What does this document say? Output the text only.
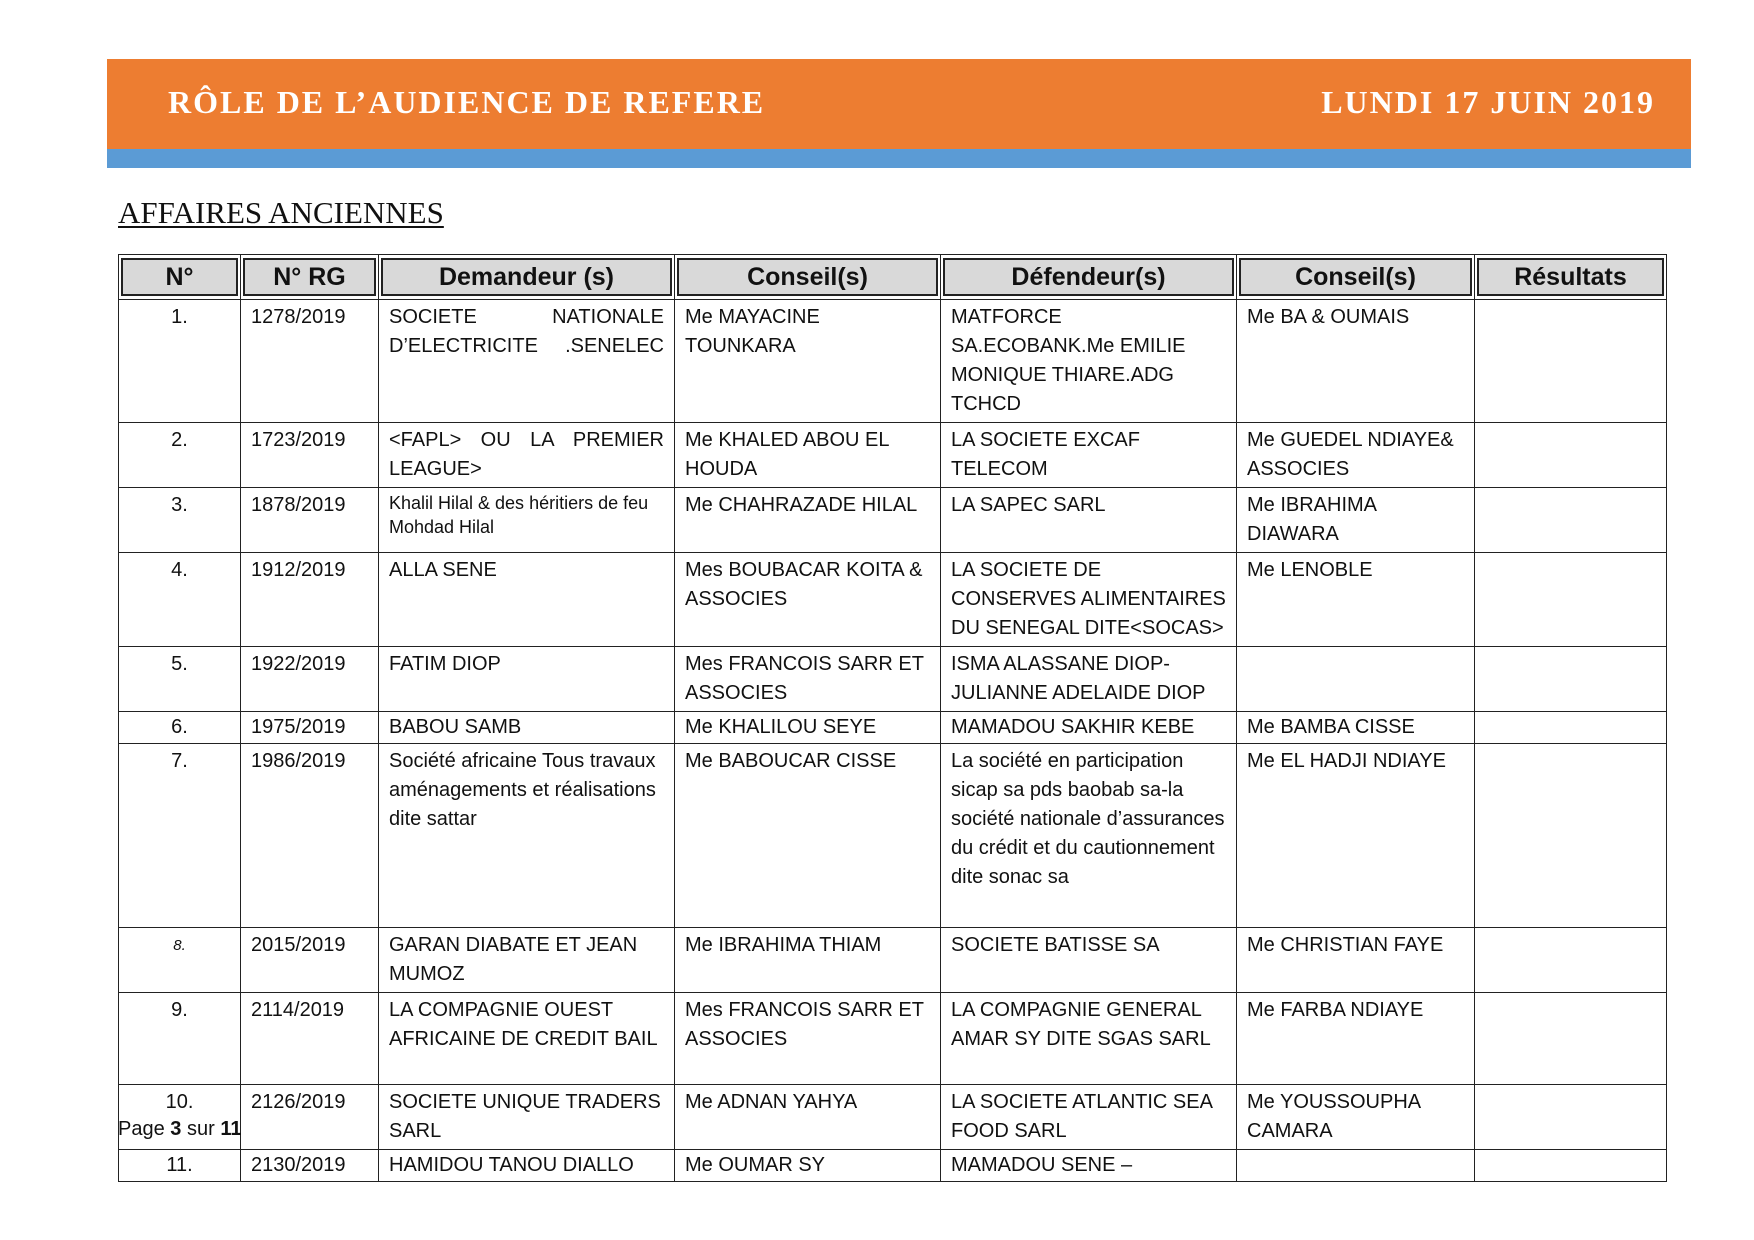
RÔLE DE L’AUDIENCE DE REFERE	LUNDI 17 JUIN 2019
AFFAIRES ANCIENNES
N°	N° RG	Demandeur (s)	Conseil(s)	Défendeur(s)	Conseil(s)	Résultats

1.	1278/2019	SOCIETE NATIONALE D’ELECTRICITE .SENELEC	Me MAYACINE TOUNKARA	MATFORCE SA.ECOBANK.Me EMILIE MONIQUE THIARE.ADG TCHCD	Me BA & OUMAIS	
2.	1723/2019	<FAPL> OU LA PREMIER LEAGUE>	Me KHALED ABOU EL HOUDA	LA SOCIETE EXCAF TELECOM	Me GUEDEL NDIAYE& ASSOCIES	
3.	1878/2019	Khalil Hilal & des héritiers de feu Mohdad Hilal	Me CHAHRAZADE HILAL	LA SAPEC SARL	Me IBRAHIMA DIAWARA	
4.	1912/2019	ALLA SENE	Mes BOUBACAR KOITA & ASSOCIES	LA SOCIETE DE CONSERVES ALIMENTAIRES DU SENEGAL DITE<SOCAS>	Me LENOBLE	
5.	1922/2019	FATIM DIOP	Mes FRANCOIS SARR ET ASSOCIES	ISMA ALASSANE DIOP-JULIANNE ADELAIDE DIOP		
6.	1975/2019	BABOU SAMB	Me KHALILOU SEYE	MAMADOU SAKHIR KEBE	Me BAMBA CISSE	
7.	1986/2019	Société africaine Tous travaux aménagements et réalisations dite sattar	Me BABOUCAR CISSE	La société en participation sicap sa pds baobab sa-la société nationale d’assurances du crédit et du cautionnement dite sonac sa	Me EL HADJI NDIAYE	
8.	2015/2019	GARAN DIABATE ET JEAN MUMOZ	Me IBRAHIMA THIAM	SOCIETE BATISSE SA	Me CHRISTIAN FAYE	
9.	2114/2019	LA COMPAGNIE OUEST AFRICAINE DE CREDIT BAIL	Mes FRANCOIS SARR ET ASSOCIES	LA COMPAGNIE GENERAL AMAR SY DITE SGAS SARL	Me FARBA NDIAYE	
10.	2126/2019	SOCIETE UNIQUE TRADERS SARL	Me ADNAN YAHYA	LA SOCIETE ATLANTIC SEA FOOD SARL	Me YOUSSOUPHA CAMARA	
11.	2130/2019	HAMIDOU TANOU DIALLO	Me OUMAR SY	MAMADOU SENE –		
Page 3 sur 11
